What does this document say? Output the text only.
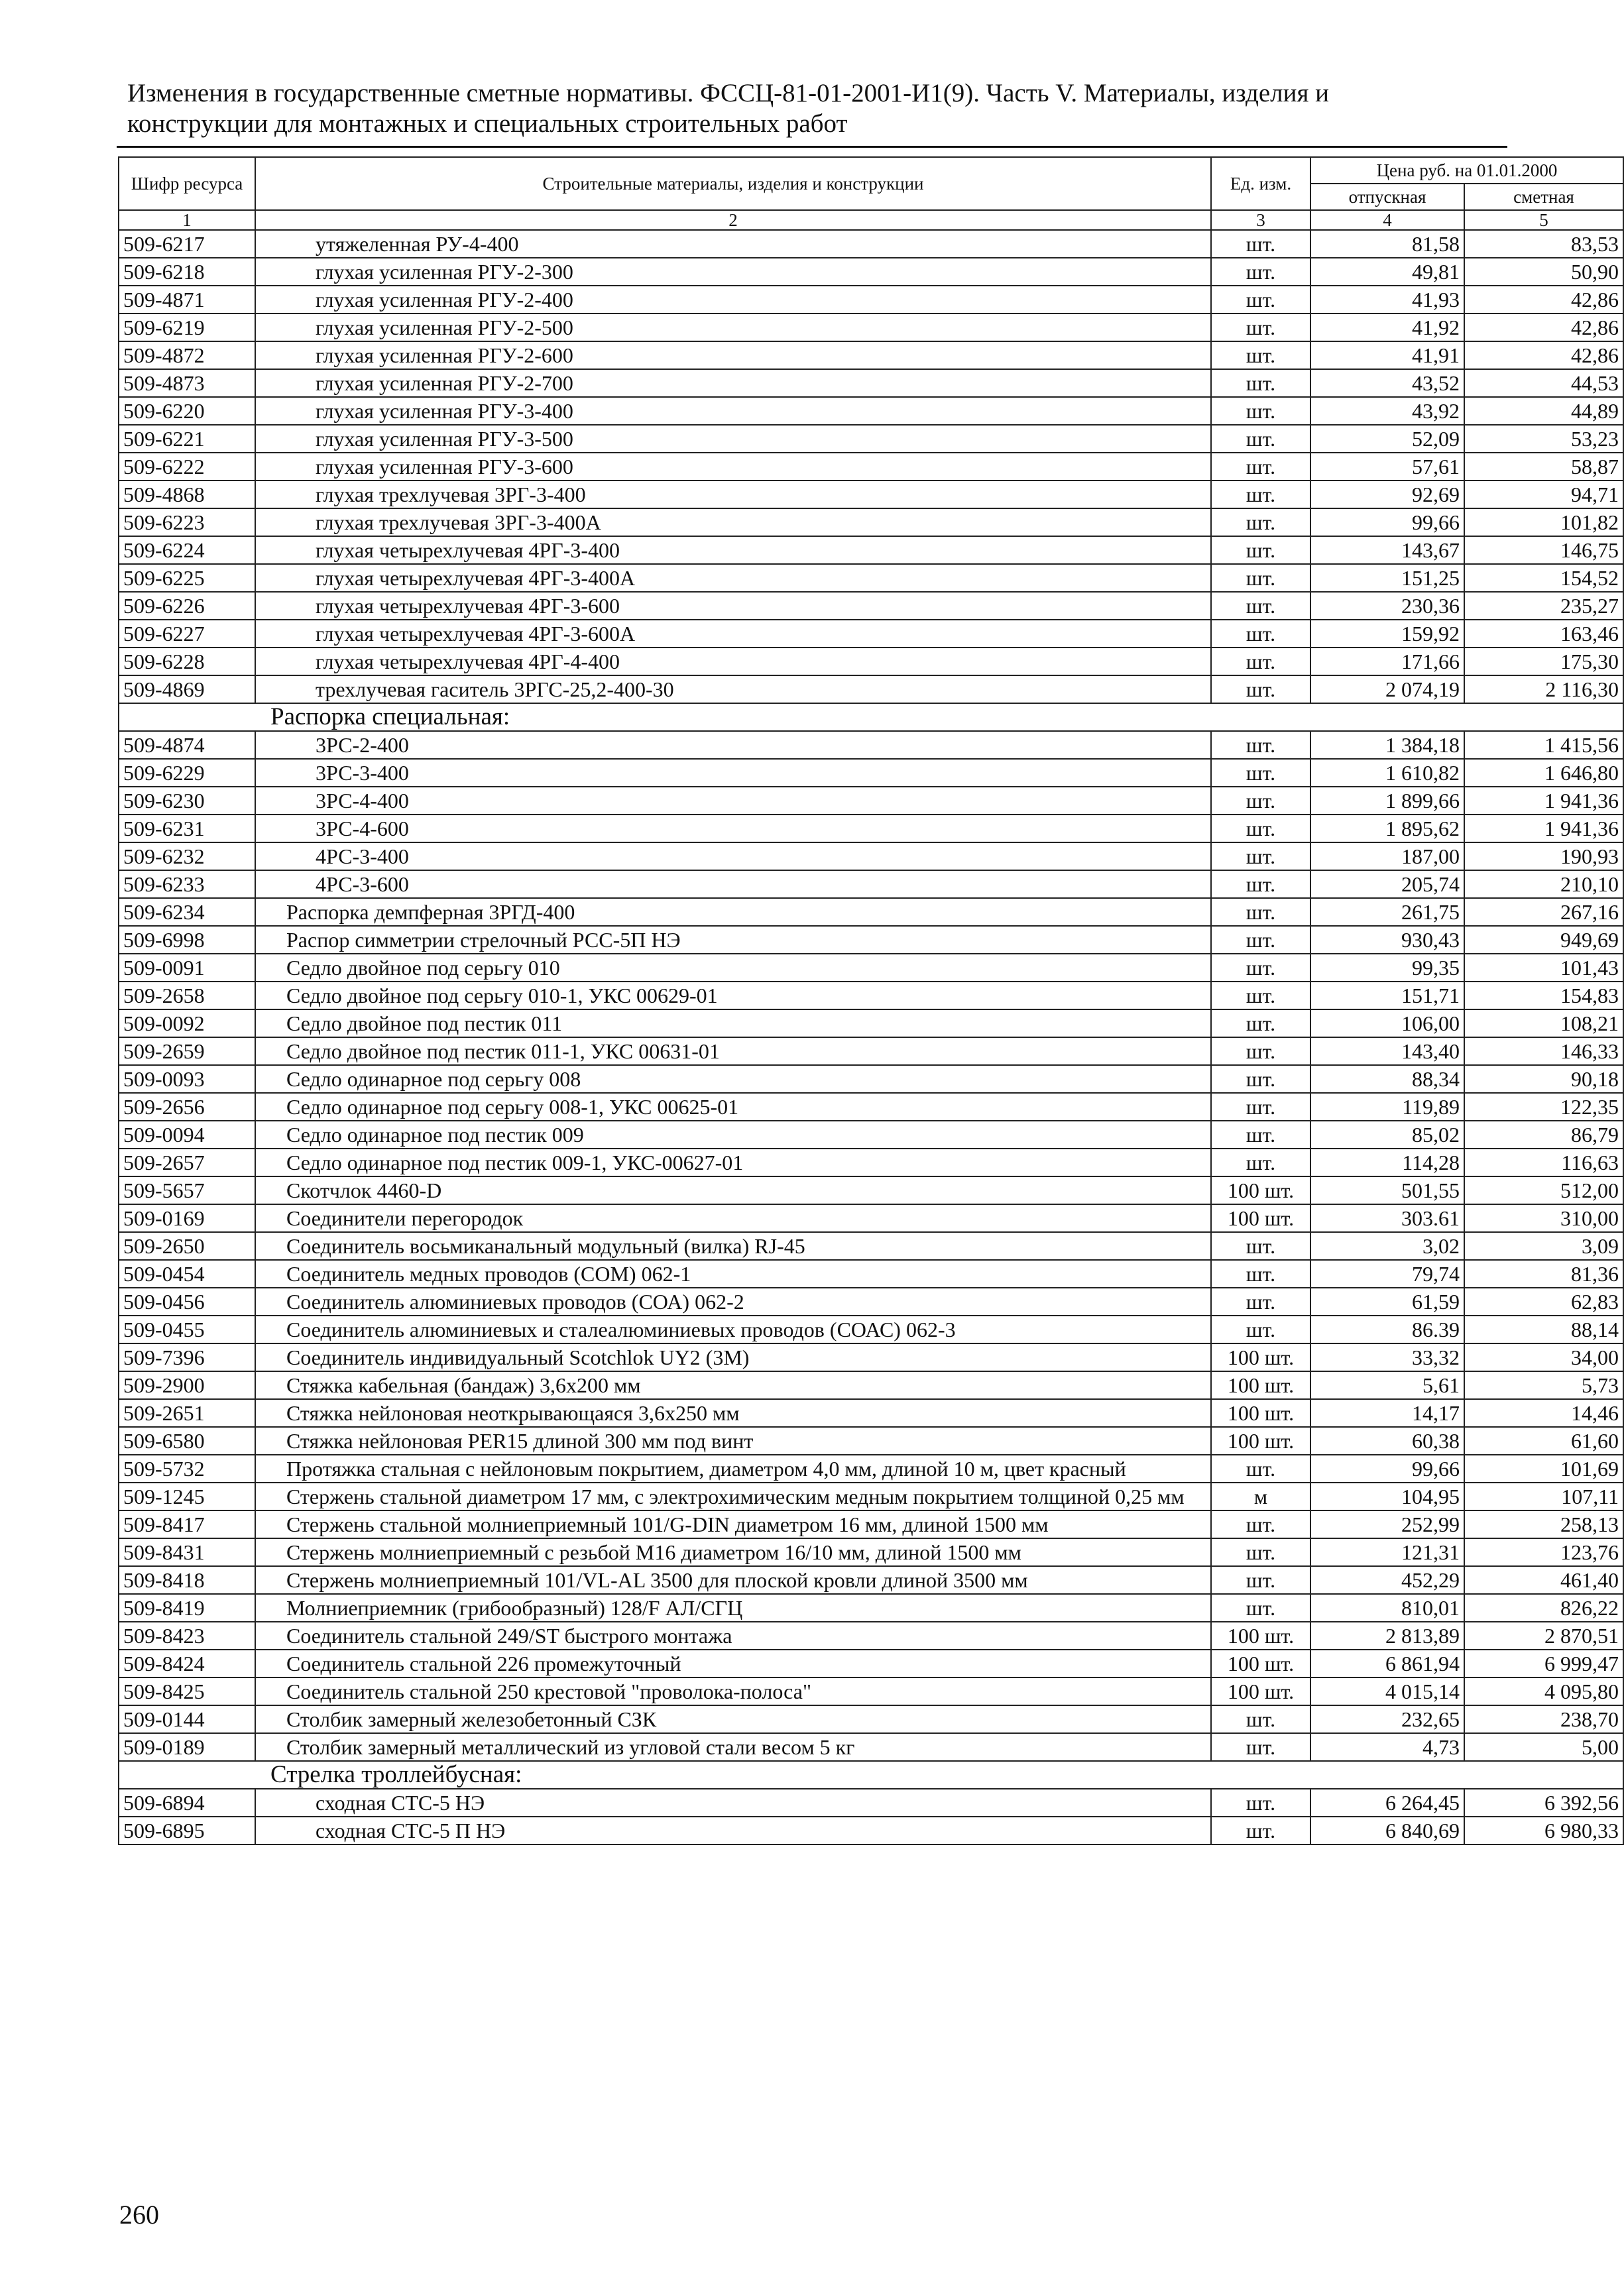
Изменения в государственные сметные нормативы. ФССЦ-81-01-2001-И1(9). Часть V. Материалы, изделия и
конструкции для монтажных и специальных строительных работ
Шифр ресурса	Строительные материалы, изделия и конструкции	Ед. изм.	Цена руб. на 01.01.2000	
			отпускная	сметная
1	2	3	4	5
509-6217	утяжеленная РУ-4-400	шт.	81,58	83,53
509-6218	глухая усиленная РГУ-2-300	шт.	49,81	50,90
509-4871	глухая усиленная РГУ-2-400	шт.	41,93	42,86
509-6219	глухая усиленная РГУ-2-500	шт.	41,92	42,86
509-4872	глухая усиленная РГУ-2-600	шт.	41,91	42,86
509-4873	глухая усиленная РГУ-2-700	шт.	43,52	44,53
509-6220	глухая усиленная РГУ-3-400	шт.	43,92	44,89
509-6221	глухая усиленная РГУ-3-500	шт.	52,09	53,23
509-6222	глухая усиленная РГУ-3-600	шт.	57,61	58,87
509-4868	глухая трехлучевая 3РГ-3-400	шт.	92,69	94,71
509-6223	глухая трехлучевая 3РГ-3-400А	шт.	99,66	101,82
509-6224	глухая четырехлучевая 4РГ-3-400	шт.	143,67	146,75
509-6225	глухая четырехлучевая 4РГ-3-400А	шт.	151,25	154,52
509-6226	глухая четырехлучевая 4РГ-3-600	шт.	230,36	235,27
509-6227	глухая четырехлучевая 4РГ-3-600А	шт.	159,92	163,46
509-6228	глухая четырехлучевая 4РГ-4-400	шт.	171,66	175,30
509-4869	трехлучевая гаситель 3РГС-25,2-400-30	шт.	2 074,19	2 116,30
Распорка специальная:				
509-4874	3РС-2-400	шт.	1 384,18	1 415,56
509-6229	3РС-3-400	шт.	1 610,82	1 646,80
509-6230	3РС-4-400	шт.	1 899,66	1 941,36
509-6231	3РС-4-600	шт.	1 895,62	1 941,36
509-6232	4РС-3-400	шт.	187,00	190,93
509-6233	4РС-3-600	шт.	205,74	210,10
509-6234	Распорка демпферная 3РГД-400	шт.	261,75	267,16
509-6998	Распор симметрии стрелочный РСС-5П НЭ	шт.	930,43	949,69
509-0091	Седло двойное под серьгу 010	шт.	99,35	101,43
509-2658	Седло двойное под серьгу 010-1, УКС 00629-01	шт.	151,71	154,83
509-0092	Седло двойное под пестик 011	шт.	106,00	108,21
509-2659	Седло двойное под пестик 011-1, УКС 00631-01	шт.	143,40	146,33
509-0093	Седло одинарное под серьгу 008	шт.	88,34	90,18
509-2656	Седло одинарное под серьгу 008-1, УКС 00625-01	шт.	119,89	122,35
509-0094	Седло одинарное под пестик 009	шт.	85,02	86,79
509-2657	Седло одинарное под пестик 009-1, УКС-00627-01	шт.	114,28	116,63
509-5657	Скотчлок 4460-D	100 шт.	501,55	512,00
509-0169	Соединители перегородок	100 шт.	303.61	310,00
509-2650	Соединитель восьмиканальный модульный (вилка) RJ-45	шт.	3,02	3,09
509-0454	Соединитель медных проводов (СОМ) 062-1	шт.	79,74	81,36
509-0456	Соединитель алюминиевых проводов (СОА) 062-2	шт.	61,59	62,83
509-0455	Соединитель алюминиевых и сталеалюминиевых проводов (СОАС) 062-3	шт.	86.39	88,14
509-7396	Соединитель индивидуальный Scotchlok UY2 (3M)	100 шт.	33,32	34,00
509-2900	Стяжка кабельная (бандаж) 3,6х200 мм	100 шт.	5,61	5,73
509-2651	Стяжка нейлоновая неоткрывающаяся 3,6х250 мм	100 шт.	14,17	14,46
509-6580	Стяжка нейлоновая PER15 длиной 300 мм под винт	100 шт.	60,38	61,60
509-5732	Протяжка стальная с нейлоновым покрытием, диаметром 4,0 мм, длиной 10 м, цвет красный	шт.	99,66	101,69
509-1245	Стержень стальной диаметром 17 мм, с электрохимическим медным покрытием толщиной 0,25 мм	м	104,95	107,11
509-8417	Стержень стальной молниеприемный 101/G-DIN диаметром 16 мм, длиной 1500 мм	шт.	252,99	258,13
509-8431	Стержень молниеприемный с резьбой М16 диаметром 16/10 мм, длиной 1500 мм	шт.	121,31	123,76
509-8418	Стержень молниеприемный 101/VL-AL 3500 для плоской кровли длиной 3500 мм	шт.	452,29	461,40
509-8419	Молниеприемник (грибообразный) 128/F АЛ/СГЦ	шт.	810,01	826,22
509-8423	Соединитель стальной 249/ST быстрого монтажа	100 шт.	2 813,89	2 870,51
509-8424	Соединитель стальной 226 промежуточный	100 шт.	6 861,94	6 999,47
509-8425	Соединитель стальной 250 крестовой "проволока-полоса"	100 шт.	4 015,14	4 095,80
509-0144	Столбик замерный железобетонный СЗК	шт.	232,65	238,70
509-0189	Столбик замерный металлический из угловой стали весом 5 кг	шт.	4,73	5,00
Стрелка троллейбусная:				
509-6894	сходная СТС-5 НЭ	шт.	6 264,45	6 392,56
509-6895	сходная СТС-5 П НЭ	шт.	6 840,69	6 980,33
260
